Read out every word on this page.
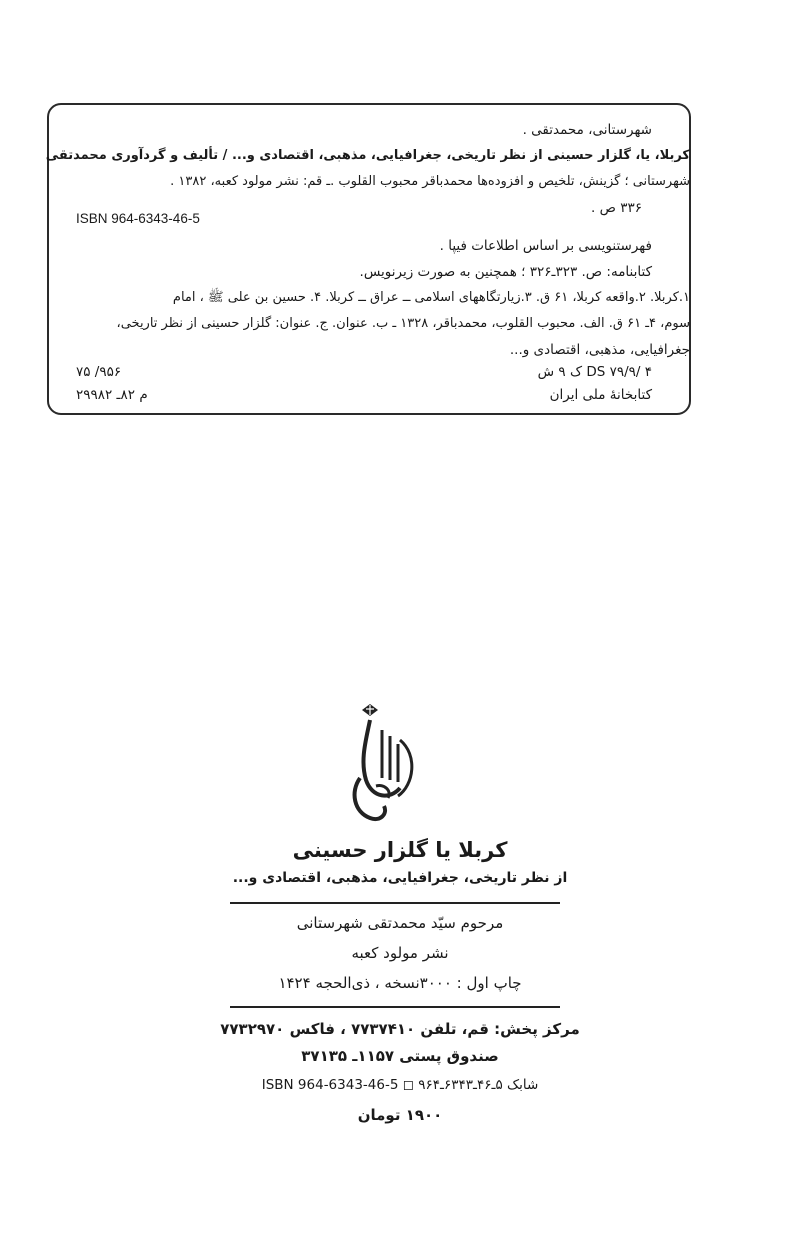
شهرستانی، محمدتقی .
کربلا، یا، گلزار حسینی از نظر تاریخی، جغرافیایی، مذهبی، اقتصادی و... / تألیف و گردآوری محمدتقی
شهرستانی ؛ گزینش، تلخیص و افزوده‌ها محمدباقر محبوب القلوب .ـ قم: نشر مولود کعبه، ۱۳۸۲ .
۳۳۶ ص .
ISBN 964-6343-46-5
فهرستنویسی بر اساس اطلاعات فیپا .
کتابنامه: ص. ۳۲۳ـ۳۲۶ ؛ همچنین به صورت زیرنویس.
۱.کربلا. ۲.واقعه کربلا، ۶۱ ق. ۳.زیارتگاههای اسلامی ــ عراق ــ کربلا. ۴. حسین بن علی ﷺ ، امام
سوم، ۴ـ ۶۱ ق. الف. محبوب القلوب، محمدباقر، ۱۳۲۸ ـ ب. عنوان. ج. عنوان: گلزار حسینی از نظر تاریخی،
جغرافیایی، مذهبی، اقتصادی و...
DS ۷۹/۹/ ۴ ک ۹ ش
۹۵۶/ ۷۵
کتابخانهٔ ملی ایران
م ۸۲ـ ۲۹۹۸۲
کربلا یا گلزار حسینی
از نظر تاریخی، جغرافیایی، مذهبی، اقتصادی و...
مرحوم سیّد محمدتقی شهرستانی
نشر مولود کعبه
چاپ اول : ۳۰۰۰نسخه ، ذی‌الحجه ۱۴۲۴
مرکز پخش: قم، تلفن ۷۷۳۷۴۱۰ ، فاکس ۷۷۳۲۹۷۰
صندوق پستی ۱۱۵۷ـ ۳۷۱۳۵
شابک ۵ـ۴۶ـ۶۳۴۳ـ۹۶۴ ◻ ISBN 964-6343-46-5
۱۹۰۰ تومان
